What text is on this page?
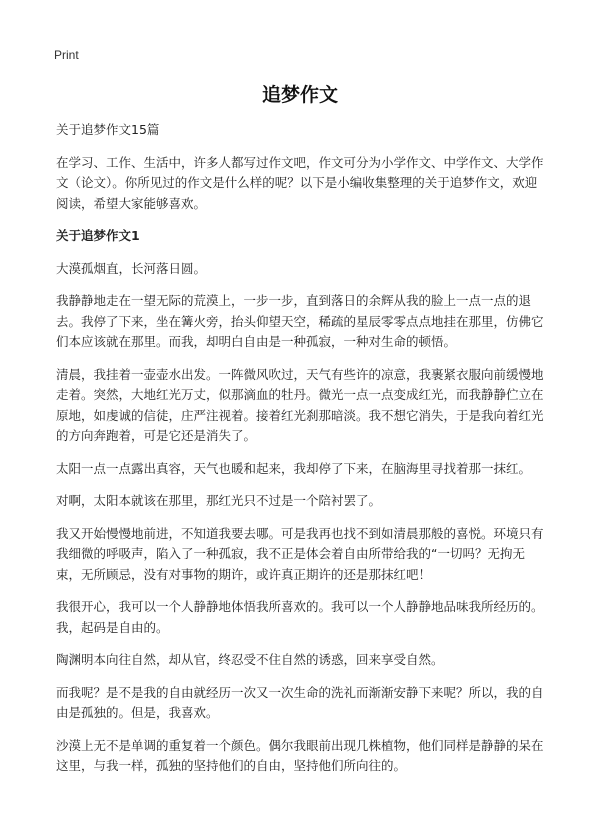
Print
追梦作文

关于追梦作文15篇

在学习、工作、生活中，许多人都写过作文吧，作文可分为小学作文、中学作文、大学作文（论文）。你所见过的作文是什么样的呢？以下是小编收集整理的关于追梦作文，欢迎阅读，希望大家能够喜欢。

关于追梦作文1

大漠孤烟直，长河落日圆。

我静静地走在一望无际的荒漠上，一步一步，直到落日的余辉从我的脸上一点一点的退去。我停了下来，坐在篝火旁，抬头仰望天空，稀疏的星辰零零点点地挂在那里，仿佛它们本应该就在那里。而我，却明白自由是一种孤寂，一种对生命的顿悟。

清晨，我挂着一壶壶水出发。一阵微风吹过，天气有些许的凉意，我裹紧衣服向前缓慢地走着。突然，大地红光万丈，似那滴血的牡丹。微光一点一点变成红光，而我静静伫立在原地，如虔诚的信徒，庄严注视着。接着红光刹那暗淡。我不想它消失，于是我向着红光的方向奔跑着，可是它还是消失了。

太阳一点一点露出真容，天气也暖和起来，我却停了下来，在脑海里寻找着那一抹红。

对啊，太阳本就该在那里，那红光只不过是一个陪衬罢了。

我又开始慢慢地前进，不知道我要去哪。可是我再也找不到如清晨那般的喜悦。环境只有我细微的呼吸声，陷入了一种孤寂，我不正是体会着自由所带给我的“一切吗？无拘无束，无所顾忌，没有对事物的期许，或许真正期许的还是那抹红吧！

我很开心，我可以一个人静静地体悟我所喜欢的。我可以一个人静静地品味我所经历的。我，起码是自由的。

陶渊明本向往自然，却从官，终忍受不住自然的诱惑，回来享受自然。

而我呢？是不是我的自由就经历一次又一次生命的洗礼而渐渐安静下来呢？所以，我的自由是孤独的。但是，我喜欢。

沙漠上无不是单调的重复着一个颜色。偶尔我眼前出现几株植物，他们同样是静静的呆在这里，与我一样，孤独的坚持他们的自由，坚持他们所向往的。
